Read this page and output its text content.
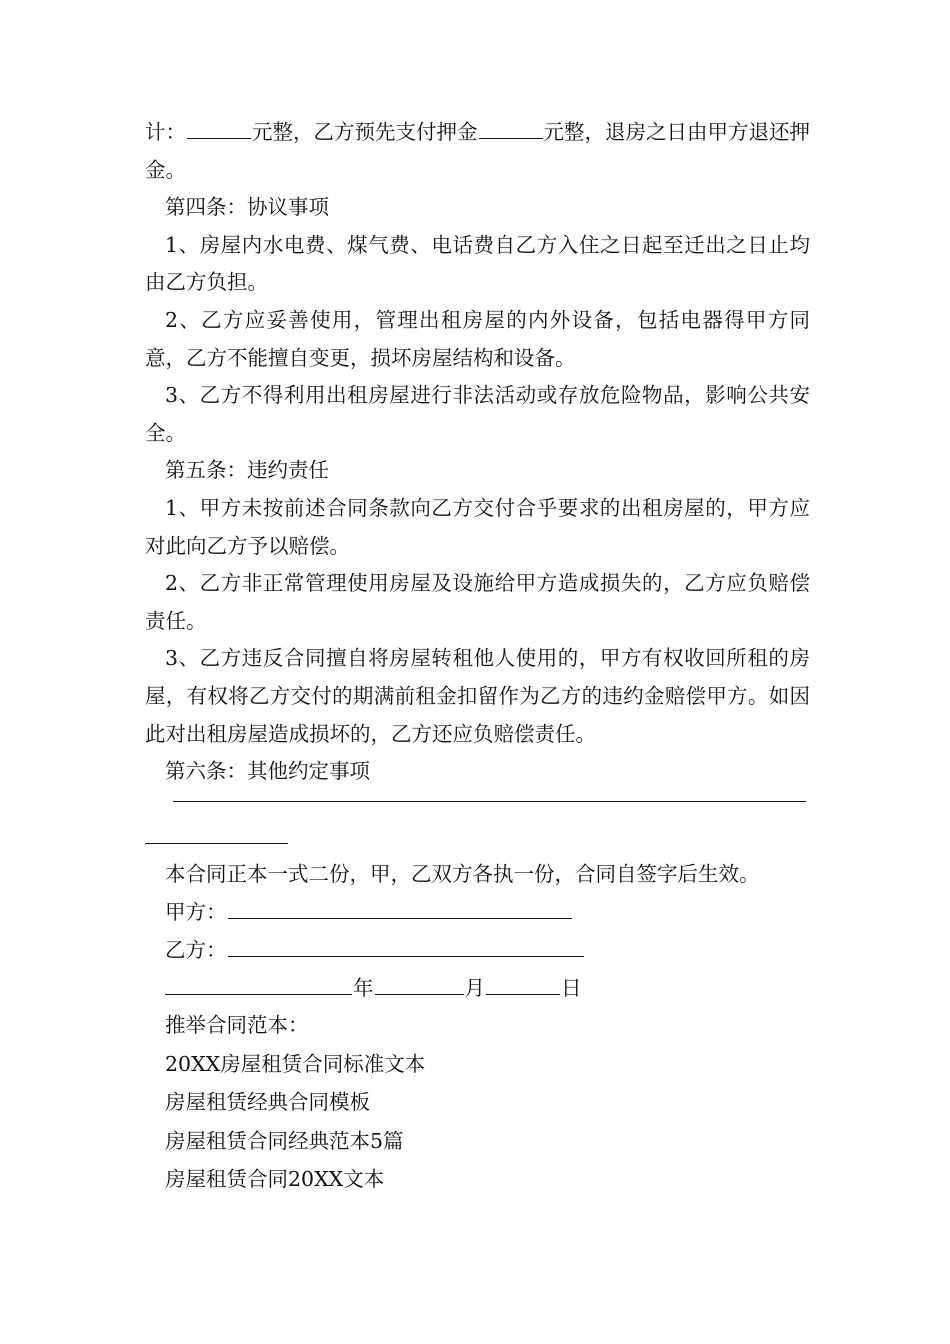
计：	元整，乙方预先支付押金	元整，退房之日由甲方退还押金。

第四条：协议事项

1、房屋内水电费、煤气费、电话费自乙方入住之日起至迁出之日止均由乙方负担。

2、乙方应妥善使用，管理出租房屋的内外设备，包括电器得甲方同意，乙方不能擅自变更，损坏房屋结构和设备。

3、乙方不得利用出租房屋进行非法活动或存放危险物品，影响公共安全。

第五条：违约责任

1、甲方未按前述合同条款向乙方交付合乎要求的出租房屋的，甲方应对此向乙方予以赔偿。

2、乙方非正常管理使用房屋及设施给甲方造成损失的，乙方应负赔偿责任。

3、乙方违反合同擅自将房屋转租他人使用的，甲方有权收回所租的房屋，有权将乙方交付的期满前租金扣留作为乙方的违约金赔偿甲方。如因此对出租房屋造成损坏的，乙方还应负赔偿责任。

第六条：其他约定事项

本合同正本一式二份，甲，乙双方各执一份，合同自签字后生效。
甲方：
乙方：
年	月	日
推举合同范本：
20XX房屋租赁合同标准文本
房屋租赁经典合同模板
房屋租赁合同经典范本5篇
房屋租赁合同20XX文本
